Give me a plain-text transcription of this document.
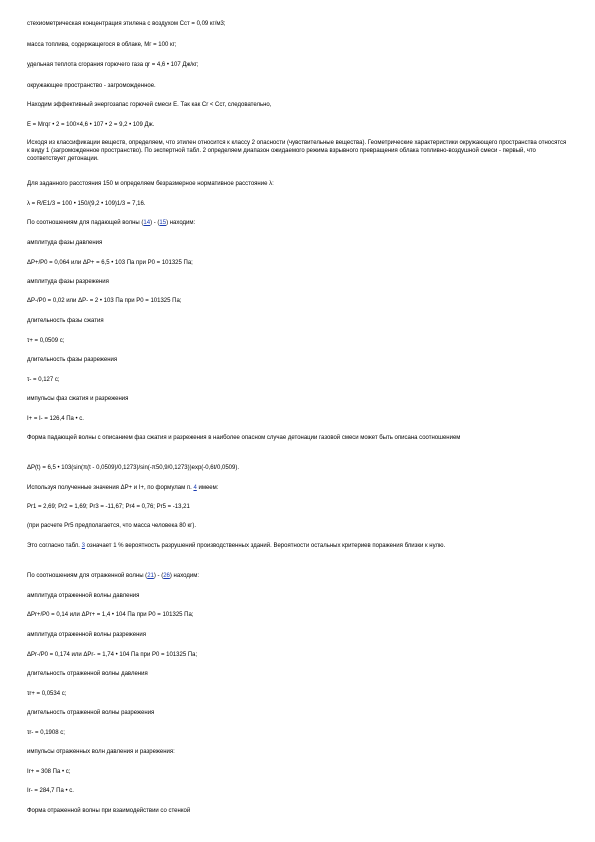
стехиометрическая концентрация этилена с воздухом Cст = 0,09 кг/м3;
масса топлива, содержащегося в облаке, Мг = 100 кг;
удельная теплота сгорания горючего газа qr = 4,6 • 107 Дж/кг;
окружающее пространство - загроможденное.
Находим эффективный энергозапас горючей смеси E. Так как Cr < Cст, следовательно,
E = Мгqг • 2 = 100×4,6 • 107 • 2 = 9,2 • 109 Дж.
Исходя из классификации веществ, определяем, что этилен относится к классу 2 опасности (чувствительные вещества). Геометрические характеристики окружающего пространства относятся к виду 1 (загроможденное пространство). По экспертной табл. 2 определяем диапазон ожидаемого режима взрывного превращения облака топливно-воздушной смеси - первый, что соответствует детонации.
Для заданного расстояния 150 м определяем безразмерное нормативное расстояние λ:
λ = R/E1/3 = 100 • 150/(9,2 • 109)1/3 = 7,16.
По соотношениям для падающей волны (14) - (15) находим:
амплитуда фазы давления
ΔP+/P0 = 0,064 или ΔP+ = 6,5 • 103 Па при P0 = 101325 Па;
амплитуда фазы разрежения
ΔP-/P0 = 0,02 или ΔP- = 2 • 103 Па при P0 = 101325 Па;
длительность фазы сжатия
τ+ = 0,0509 с;
длительность фазы разрежения
τ- = 0,127 с;
импульсы фаз сжатия и разрежения
I+ = I- = 126,4 Па • с.
Форма падающей волны с описанием фаз сжатия и разрежения в наиболее опасном случае детонации газовой смеси может быть описана соотношением
ΔP(t) = 6,5 • 103(sin(π(t - 0,0509)/0,1273)/sin(-π50,9/0,1273))exp(-0,6t/0,0509).
Используя полученные значения ΔP+ и I+, по формулам п. 4 имеем:
Pr1 = 2,69; Pr2 = 1,69; Pr3 = -11,67; Pr4 = 0,76; Pr5 = -13,21
(при расчете Pr5 предполагается, что масса человека 80 кг).
Это согласно табл. 3 означает 1 % вероятность разрушений производственных зданий. Вероятности остальных критериев поражения близки к нулю.
По соотношениям для отраженной волны (21) - (26) находим:
амплитуда отраженной волны давления
ΔPr+/P0 = 0,14 или ΔPr+ = 1,4 • 104 Па при P0 = 101325 Па;
амплитуда отраженной волны разрежения
ΔPr-/P0 = 0,174 или ΔPr- = 1,74 • 104 Па при P0 = 101325 Па;
длительность отраженной волны давления
τr+ = 0,0534 с;
длительность отраженной волны разрежения
τr- = 0,1908 с;
импульсы отраженных волн давления и разрежения:
Ir+ = 308 Па • с;
Ir- = 284,7 Па • с.
Форма отраженной волны при взаимодействии со стенкой
